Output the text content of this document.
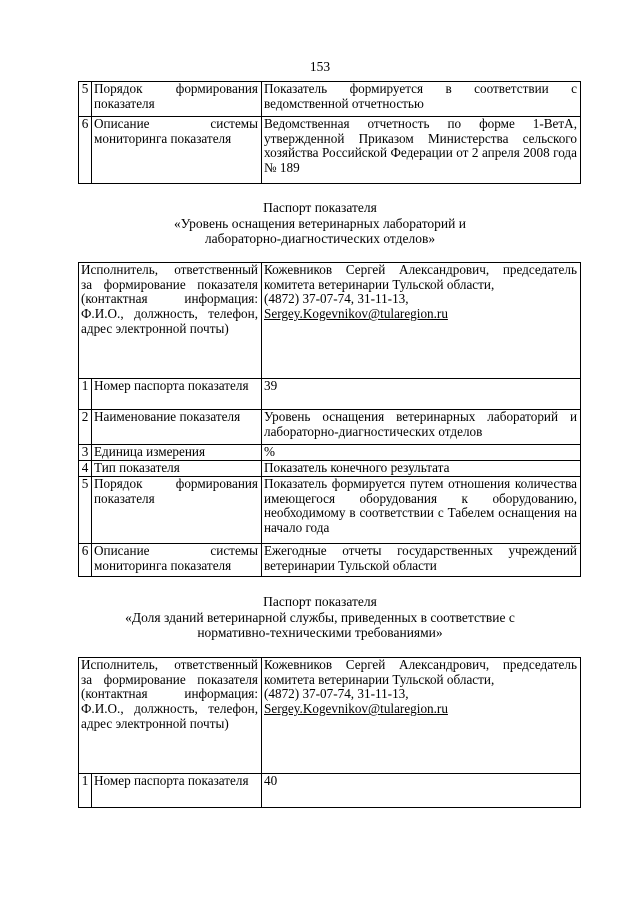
153
5	Порядок формирования показателя	Показатель формируется в соответствии с ведомственной отчетностью
6	Описание системы мониторинга показателя	Ведомственная отчетность по форме 1-ВетА, утвержденной Приказом Министерства сельского хозяйства Российской Федерации от 2 апреля 2008 года № 189
Паспорт показателя
«Уровень оснащения ветеринарных лабораторий и
лабораторно-диагностических отделов»
Исполнитель, ответственный за формирование показателя (контактная информация: Ф.И.О., должность, телефон, адрес электронной почты)		Кожевников Сергей Александрович, председатель комитета ветеринарии Тульской области,
(4872) 37-07-74, 31-11-13,
Sergey.Kogevnikov@tularegion.ru
1	Номер паспорта показателя	39
2	Наименование показателя	Уровень оснащения ветеринарных лабораторий и лабораторно-диагностических отделов
3	Единица измерения	%
4	Тип показателя	Показатель конечного результата
5	Порядок формирования показателя	Показатель формируется путем отношения количества имеющегося оборудования к оборудованию, необходимому в соответствии с Табелем оснащения на начало года
6	Описание системы мониторинга показателя	Ежегодные отчеты государственных учреждений ветеринарии Тульской области
Паспорт показателя
«Доля зданий ветеринарной службы, приведенных в соответствие с
нормативно-техническими требованиями»
Исполнитель, ответственный за формирование показателя (контактная информация: Ф.И.О., должность, телефон, адрес электронной почты)		Кожевников Сергей Александрович, председатель комитета ветеринарии Тульской области,
(4872) 37-07-74, 31-11-13,
Sergey.Kogevnikov@tularegion.ru
1	Номер паспорта показателя	40
